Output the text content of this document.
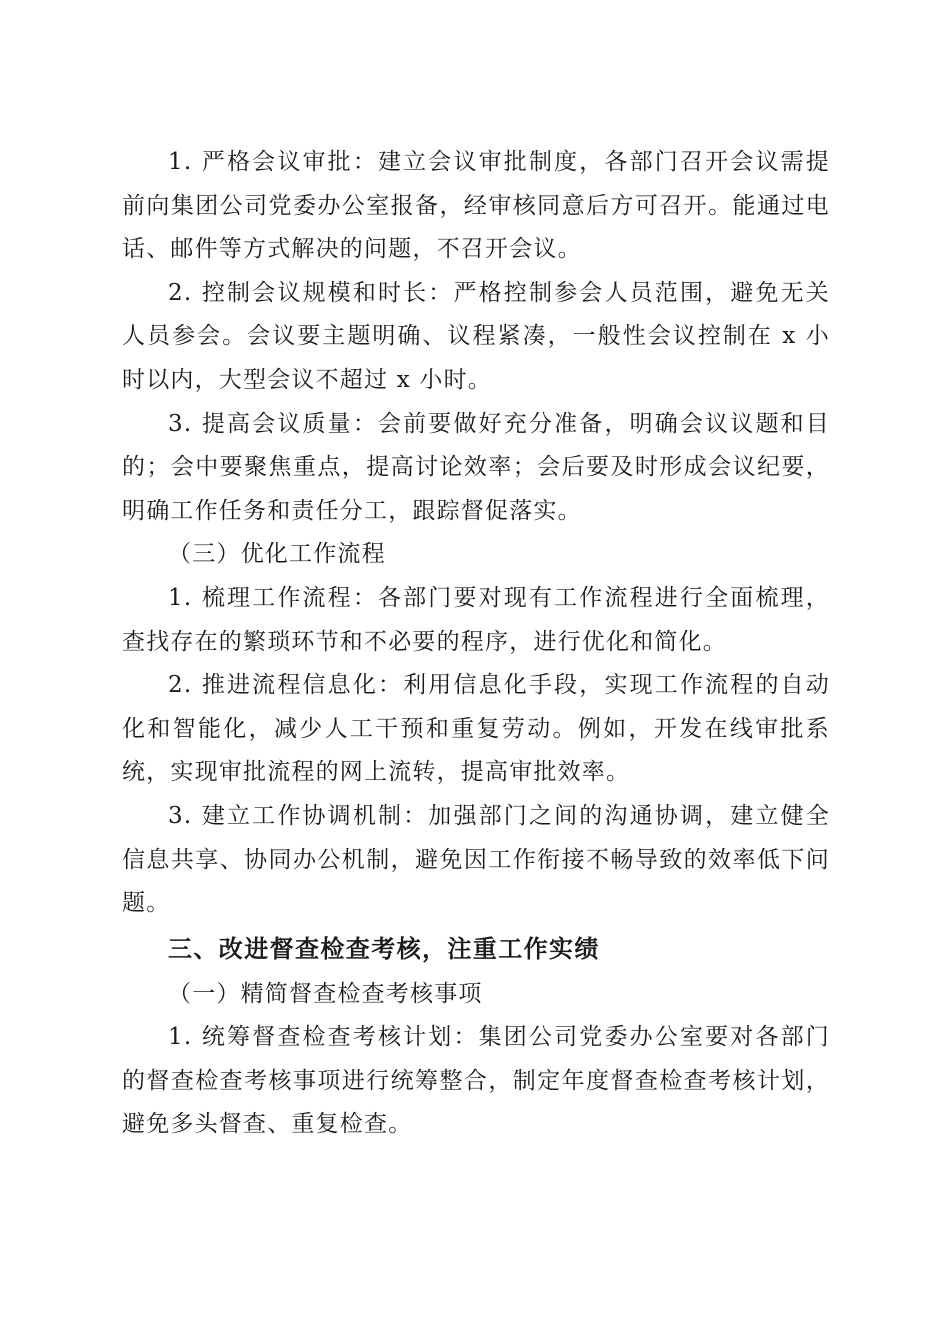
1. 严格会议审批：建立会议审批制度，各部门召开会议需提前向集团公司党委办公室报备，经审核同意后方可召开。能通过电话、邮件等方式解决的问题，不召开会议。

2. 控制会议规模和时长：严格控制参会人员范围，避免无关人员参会。会议要主题明确、议程紧凑，一般性会议控制在 x 小时以内，大型会议不超过 x 小时。

3. 提高会议质量：会前要做好充分准备，明确会议议题和目的；会中要聚焦重点，提高讨论效率；会后要及时形成会议纪要，明确工作任务和责任分工，跟踪督促落实。

（三）优化工作流程

1. 梳理工作流程：各部门要对现有工作流程进行全面梳理，查找存在的繁琐环节和不必要的程序，进行优化和简化。

2. 推进流程信息化：利用信息化手段，实现工作流程的自动化和智能化，减少人工干预和重复劳动。例如，开发在线审批系统，实现审批流程的网上流转，提高审批效率。

3. 建立工作协调机制：加强部门之间的沟通协调，建立健全信息共享、协同办公机制，避免因工作衔接不畅导致的效率低下问题。

三、改进督查检查考核，注重工作实绩

（一）精简督查检查考核事项

1. 统筹督查检查考核计划：集团公司党委办公室要对各部门的督查检查考核事项进行统筹整合，制定年度督查检查考核计划，避免多头督查、重复检查。
